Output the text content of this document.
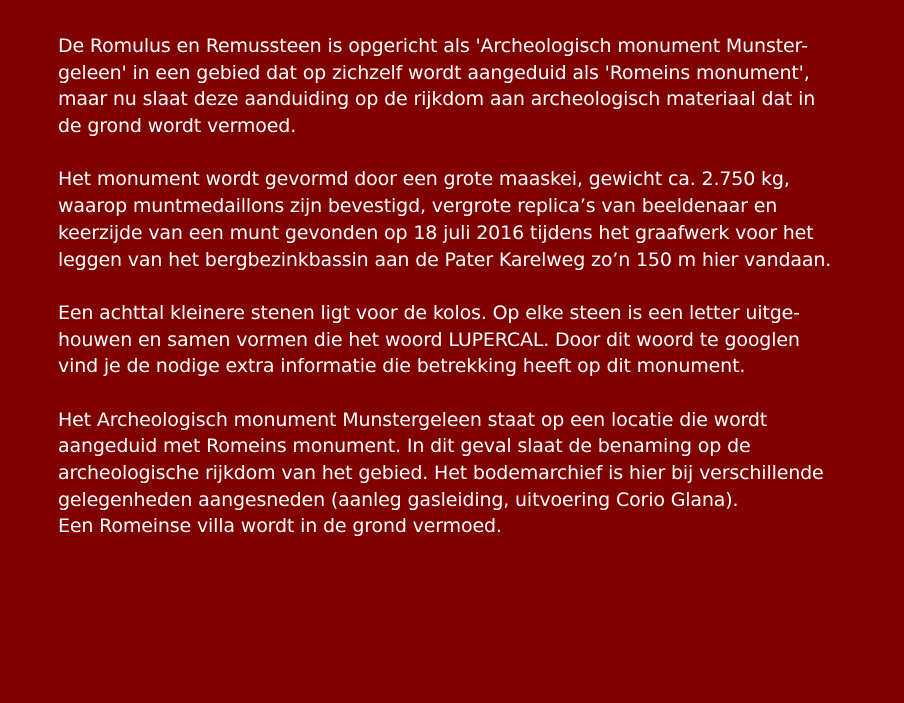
De Romulus en Remussteen is opgericht als 'Archeologisch monument Munster-
geleen' in een gebied dat op zichzelf wordt aangeduid als 'Romeins monument',
maar nu slaat deze aanduiding op de rijkdom aan archeologisch materiaal dat in
de grond wordt vermoed.

Het monument wordt gevormd door een grote maaskei, gewicht ca. 2.750 kg,
waarop muntmedaillons zijn bevestigd, vergrote replica’s van beeldenaar en
keerzijde van een munt gevonden op 18 juli 2016 tijdens het graafwerk voor het
leggen van het bergbezinkbassin aan de Pater Karelweg zo’n 150 m hier vandaan.

Een achttal kleinere stenen ligt voor de kolos. Op elke steen is een letter uitge-
houwen en samen vormen die het woord LUPERCAL. Door dit woord te googlen
vind je de nodige extra informatie die betrekking heeft op dit monument.

Het Archeologisch monument Munstergeleen staat op een locatie die wordt
aangeduid met Romeins monument. In dit geval slaat de benaming op de
archeologische rijkdom van het gebied. Het bodemarchief is hier bij verschillende
gelegenheden aangesneden (aanleg gasleiding, uitvoering Corio Glana).
Een Romeinse villa wordt in de grond vermoed.
